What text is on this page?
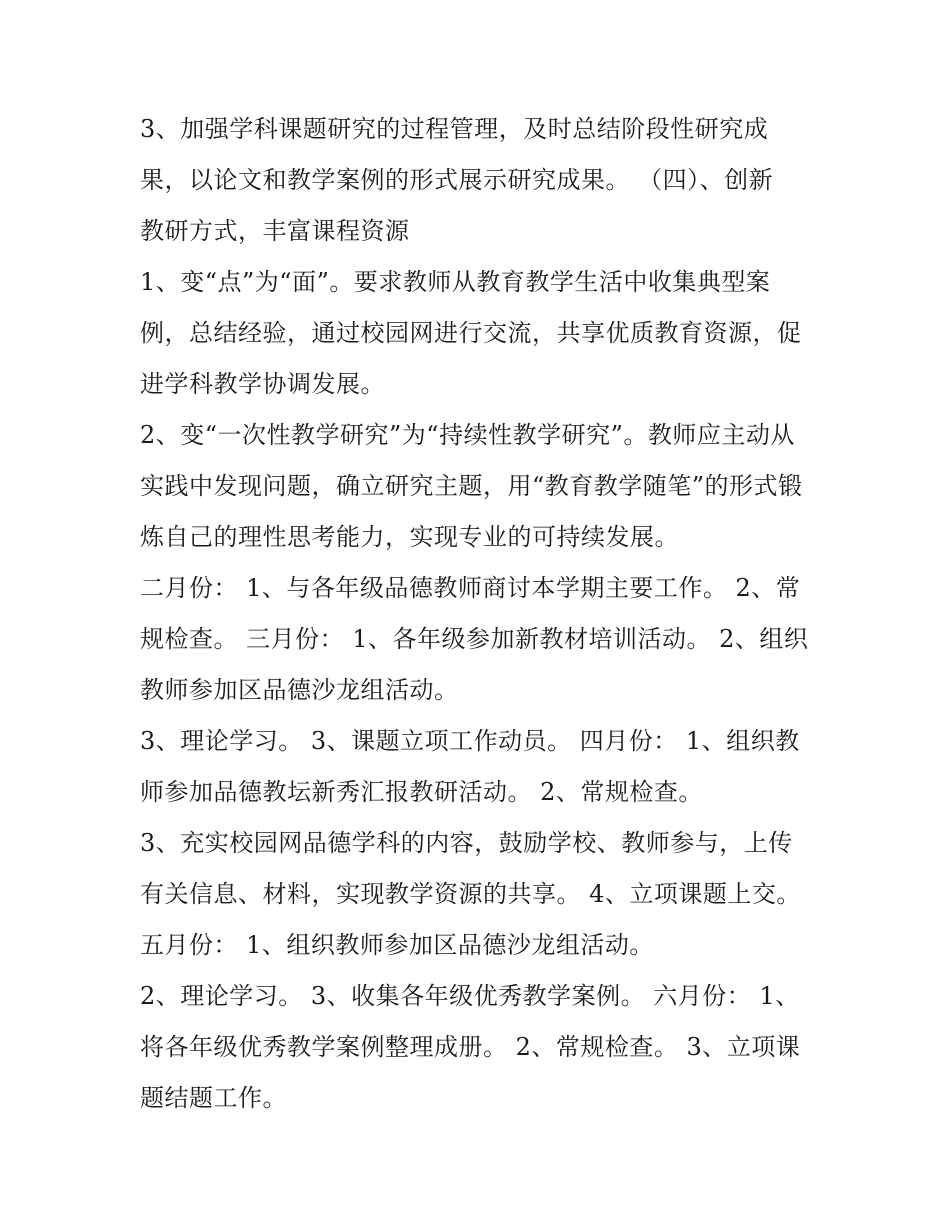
3、加强学科课题研究的过程管理，及时总结阶段性研究成
果，以论文和教学案例的形式展示研究成果。 （四）、创新
教研方式，丰富课程资源
1、变“点”为“面”。要求教师从教育教学生活中收集典型案
例，总结经验，通过校园网进行交流，共享优质教育资源，促
进学科教学协调发展。
2、变“一次性教学研究”为“持续性教学研究”。教师应主动从
实践中发现问题，确立研究主题，用“教育教学随笔”的形式锻
炼自己的理性思考能力，实现专业的可持续发展。
二月份： 1、与各年级品德教师商讨本学期主要工作。 2、常
规检查。 三月份： 1、各年级参加新教材培训活动。 2、组织
教师参加区品德沙龙组活动。
3、理论学习。 3、课题立项工作动员。 四月份： 1、组织教
师参加品德教坛新秀汇报教研活动。 2、常规检查。
3、充实校园网品德学科的内容，鼓励学校、教师参与，上传
有关信息、材料，实现教学资源的共享。 4、立项课题上交。
五月份： 1、组织教师参加区品德沙龙组活动。
2、理论学习。 3、收集各年级优秀教学案例。 六月份： 1、
将各年级优秀教学案例整理成册。 2、常规检查。 3、立项课
题结题工作。
